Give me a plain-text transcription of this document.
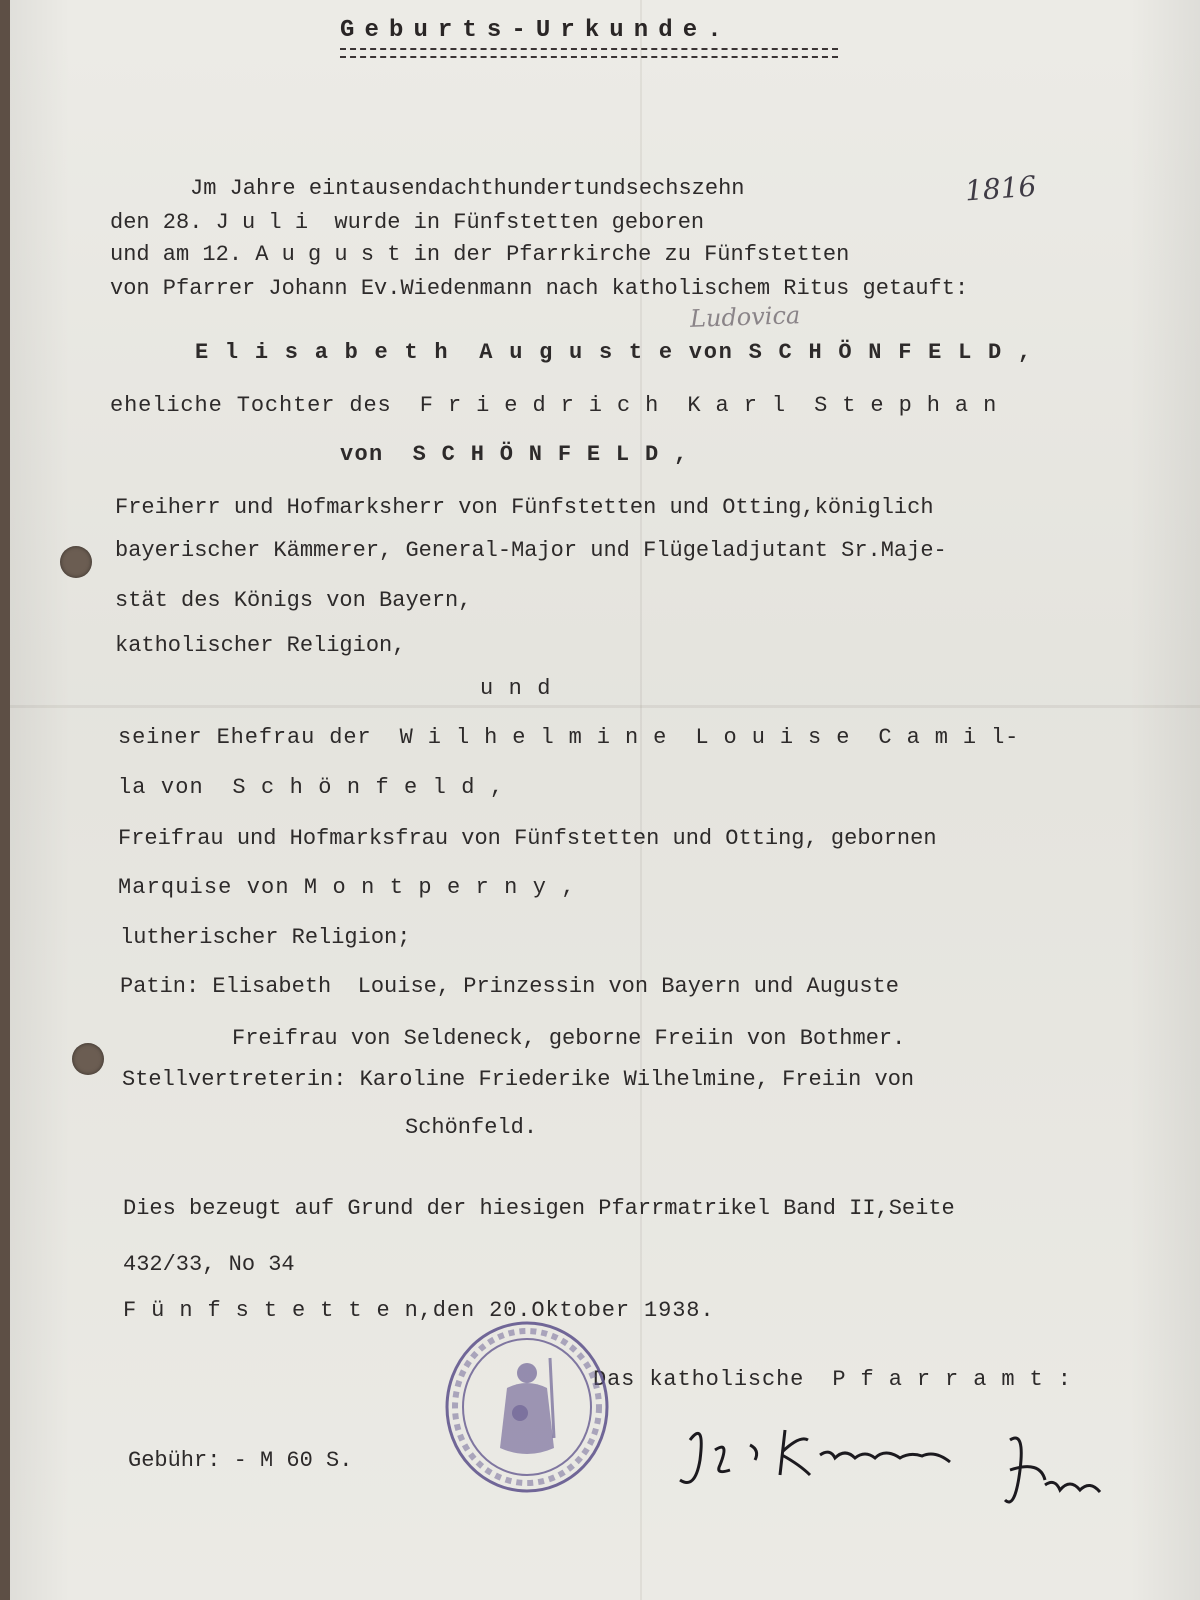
Geburts-Urkunde.
Jm Jahre eintausendachthundertundsechszehn	1816
den 28. J u l i  wurde in Fünfstetten geboren
und am 12. A u g u s t in der Pfarrkirche zu Fünfstetten
von Pfarrer Johann Ev.Wiedenmann nach katholischem Ritus getauft:
Ludovica
E l i s a b e t h  A u g u s t e von S C H Ö N F E L D ,
eheliche Tochter des  F r i e d r i c h  K a r l  S t e p h a n
von  S C H Ö N F E L D ,
Freiherr und Hofmarksherr von Fünfstetten und Otting,königlich
bayerischer Kämmerer, General-Major und Flügeladjutant Sr.Maje-
stät des Königs von Bayern,
katholischer Religion,
u n d
seiner Ehefrau der  W i l h e l m i n e  L o u i s e  C a m i l-
la von  S c h ö n f e l d ,
Freifrau und Hofmarksfrau von Fünfstetten und Otting, gebornen
Marquise von M o n t p e r n y ,
lutherischer Religion;
Patin: Elisabeth  Louise, Prinzessin von Bayern und Auguste
Freifrau von Seldeneck, geborne Freiin von Bothmer.
Stellvertreterin: Karoline Friederike Wilhelmine, Freiin von
Schönfeld.
Dies bezeugt auf Grund der hiesigen Pfarrmatrikel Band II,Seite
432/33, No 34
F ü n f s t e t t e n,den 20.Oktober 1938.
Das katholische  P f a r r a m t :
Gebühr: - M 60 S.
